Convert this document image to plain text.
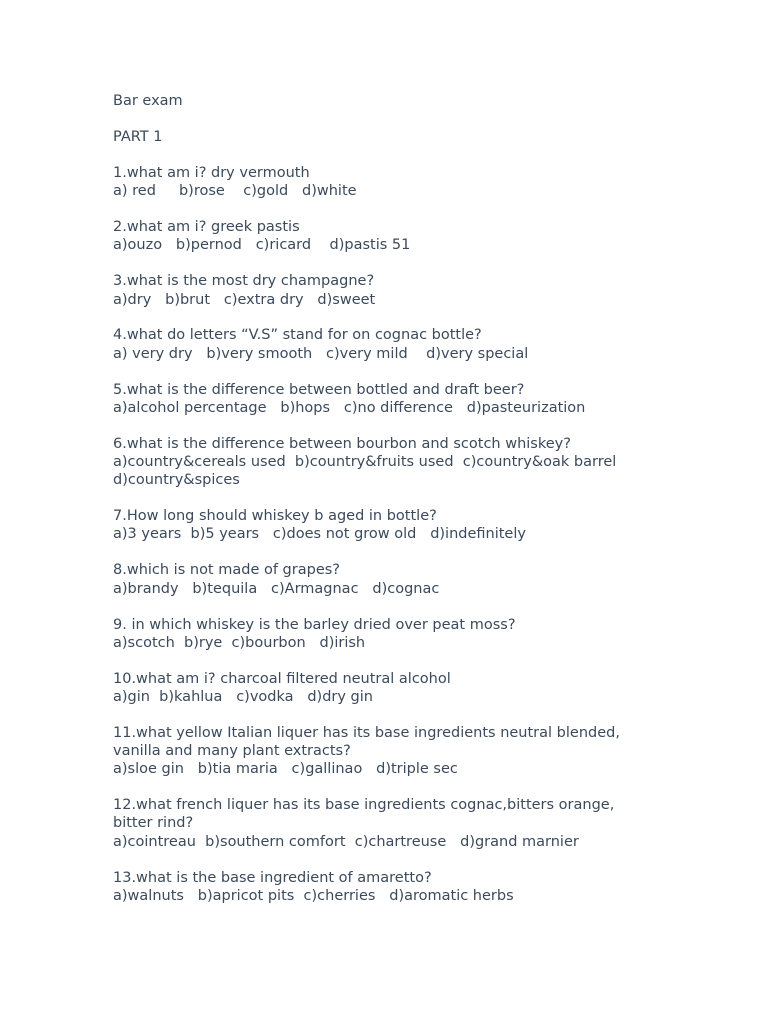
Bar exam
PART 1
1.what am i? dry vermouth
a) red     b)rose    c)gold   d)white
2.what am i? greek pastis
a)ouzo   b)pernod   c)ricard    d)pastis 51
3.what is the most dry champagne?
a)dry   b)brut   c)extra dry   d)sweet
4.what do letters “V.S” stand for on cognac bottle?
a) very dry   b)very smooth   c)very mild    d)very special
5.what is the difference between bottled and draft beer?
a)alcohol percentage   b)hops   c)no difference   d)pasteurization
6.what is the difference between bourbon and scotch whiskey?
a)country&cereals used  b)country&fruits used  c)country&oak barrel
d)country&spices
7.How long should whiskey b aged in bottle?
a)3 years  b)5 years   c)does not grow old   d)indefinitely
8.which is not made of grapes?
a)brandy   b)tequila   c)Armagnac   d)cognac
9. in which whiskey is the barley dried over peat moss?
a)scotch  b)rye  c)bourbon   d)irish
10.what am i? charcoal filtered neutral alcohol
a)gin  b)kahlua   c)vodka   d)dry gin
11.what yellow Italian liquer has its base ingredients neutral blended,
vanilla and many plant extracts?
a)sloe gin   b)tia maria   c)gallinao   d)triple sec
12.what french liquer has its base ingredients cognac,bitters orange,
bitter rind?
a)cointreau  b)southern comfort  c)chartreuse   d)grand marnier
13.what is the base ingredient of amaretto?
a)walnuts   b)apricot pits  c)cherries   d)aromatic herbs
